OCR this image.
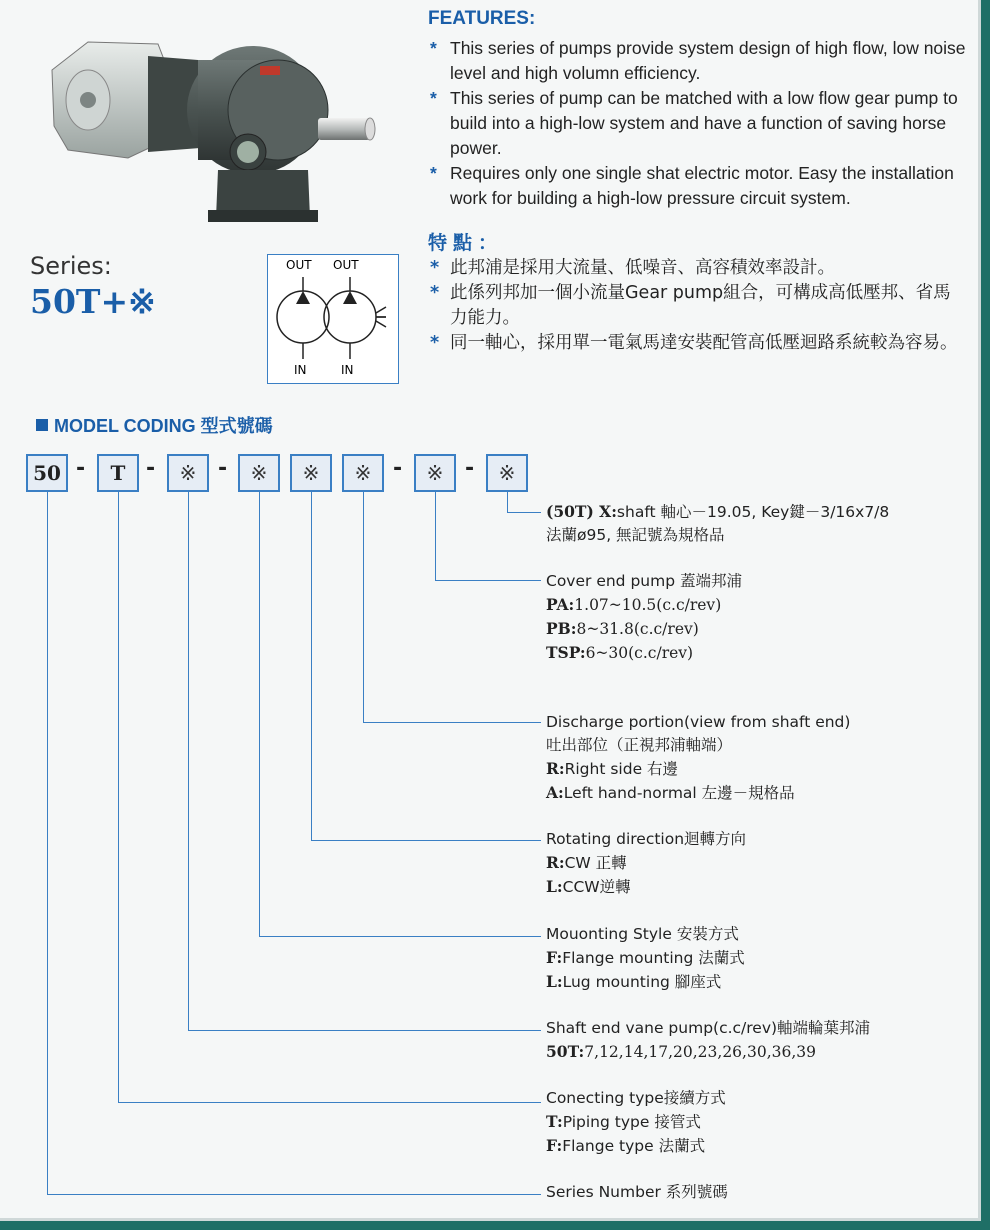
FEATURES:
* This series of pumps provide system design of high flow, low noise level and high volumn efficiency.
* This series of pump can be matched with a low flow gear pump to build into a high-low system and have a function of saving horse power.
* Requires only one single shat electric motor. Easy the installation work for building a high-low pressure circuit system.
特點：
* 此邦浦是採用大流量、低噪音、高容積效率設計。
* 此係列邦加一個小流量Gear pump組合，可構成高低壓邦、省馬力能力。
* 同一軸心，採用單一電氣馬達安裝配管高低壓迴路系統較為容易。
Series:
50T+※
OUT OUT
IN	IN
MODEL CODING 型式號碼
50 -	T -	※ -	※	※	※ -	※ -	※
(50T) X:shaft 軸心－19.05, Key鍵－3/16x7/8
法蘭ø95, 無記號為規格品
Cover end pump 蓋端邦浦
PA:1.07~10.5(c.c/rev)
PB:8~31.8(c.c/rev)
TSP:6~30(c.c/rev)
Discharge portion(view from shaft end)
吐出部位（正視邦浦軸端）
R:Right side 右邊
A:Left hand-normal 左邊－規格品
Rotating direction迴轉方向
R:CW 正轉
L:CCW逆轉
Mouonting Style 安裝方式
F:Flange mounting 法蘭式
L:Lug mounting 腳座式
Shaft end vane pump(c.c/rev)軸端輪葉邦浦
50T:7,12,14,17,20,23,26,30,36,39
Conecting type接續方式
T:Piping type 接管式
F:Flange type 法蘭式
Series Number 系列號碼
